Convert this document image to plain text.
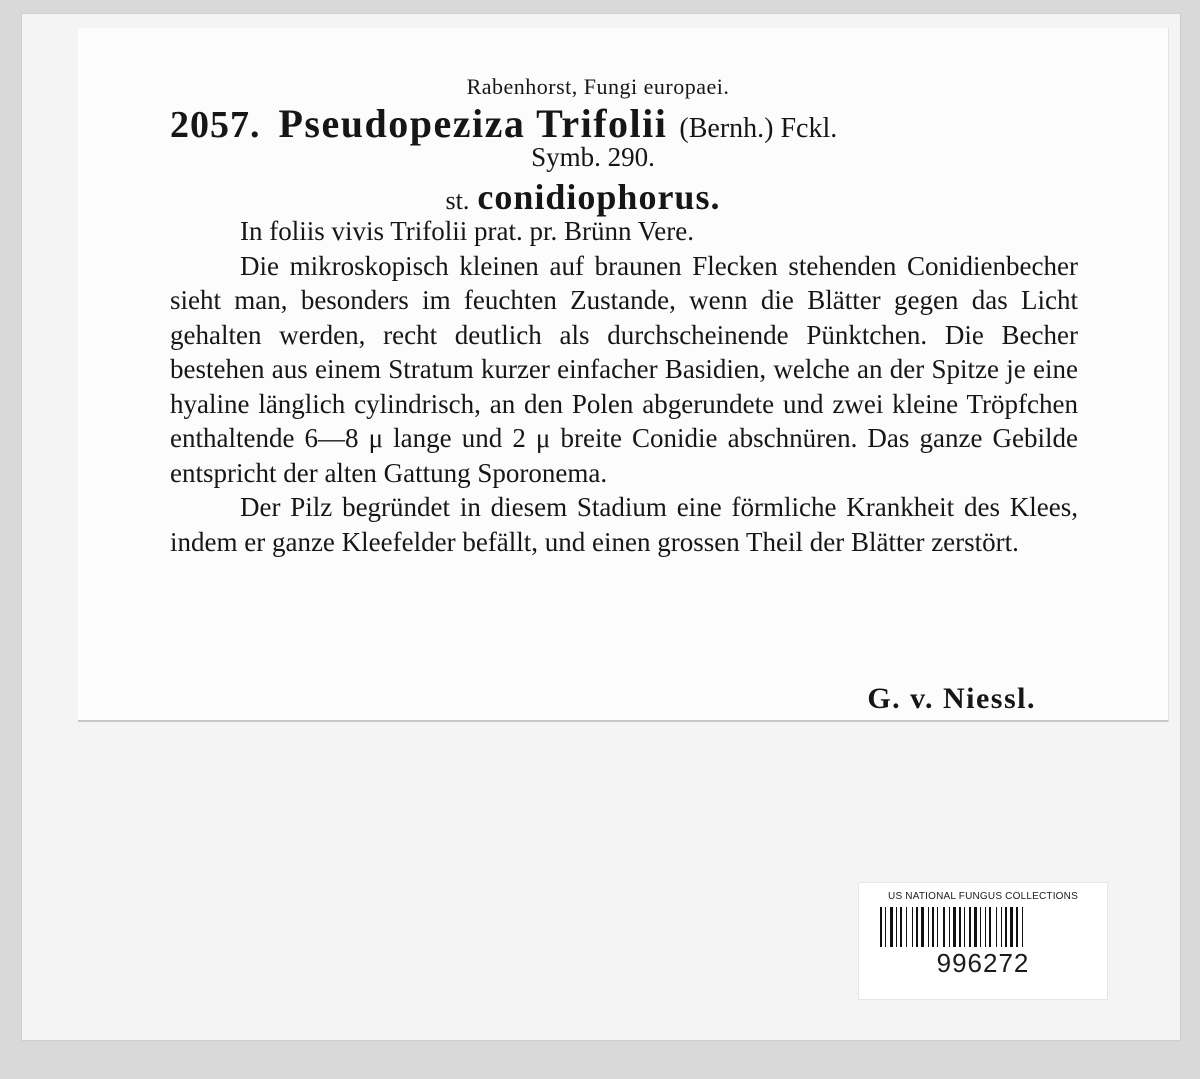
Rabenhorst, Fungi europaei.
2057. Pseudopeziza Trifolii (Bernh.) Fckl.
Symb. 290.
st. conidiophorus.

In foliis vivis Trifolii prat. pr. Brünn Vere.

Die mikroskopisch kleinen auf braunen Flecken stehenden Conidienbecher sieht man, besonders im feuchten Zustande, wenn die Blätter gegen das Licht gehalten werden, recht deutlich als durchscheinende Pünktchen. Die Becher bestehen aus einem Stratum kurzer einfacher Basidien, welche an der Spitze je eine hyaline länglich cylindrisch, an den Polen abgerundete und zwei kleine Tröpfchen enthaltende 6—8 μ lange und 2 μ breite Conidie abschnüren. Das ganze Gebilde entspricht der alten Gattung Sporonema.

Der Pilz begründet in diesem Stadium eine förmliche Krankheit des Klees, indem er ganze Kleefelder befällt, und einen grossen Theil der Blätter zerstört.

G. v. Niessl.
US NATIONAL FUNGUS COLLECTIONS
996272
